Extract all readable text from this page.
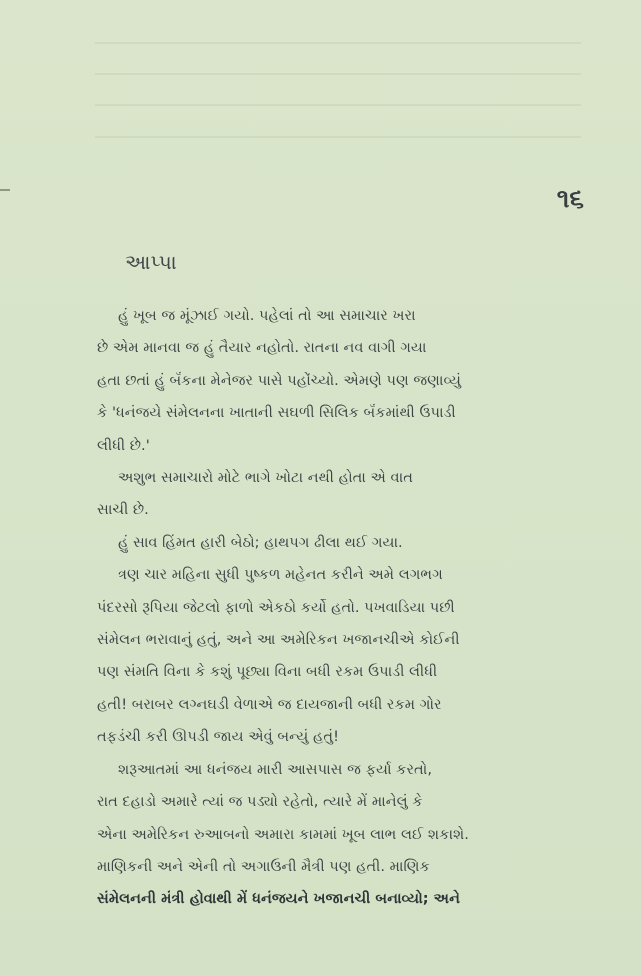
૧૬
આપ્પા

હું ખૂબ જ મૂંઝાઈ ગયો. પહેલાં તો આ સમાચાર ખરા
છે એમ માનવા જ હું તૈયાર નહોતો. રાતના નવ વાગી ગયા
હતા છતાં હું બૅંકના મેનેજર પાસે પહોંચ્યો. એમણે પણ જણાવ્યું
કે 'ધનંજયે સંમેલનના ખાતાની સઘળી સિલિક બૅંકમાંથી ઉપાડી
લીધી છે.'

અશુભ સમાચારો મોટે ભાગે ખોટા નથી હોતા એ વાત
સાચી છે.

હું સાવ હિંમત હારી બેઠો; હાથપગ ઢીલા થઈ ગયા.

ત્રણ ચાર મહિના સુધી પુષ્કળ મહેનત કરીને અમે લગભગ
પંદરસો રૂપિયા જેટલો ફાળો એકઠો કર્યો હતો. પખવાડિયા પછી
સંમેલન ભરાવાનું હતું, અને આ અમેરિકન ખજાનચીએ કોઈની
પણ સંમતિ વિના કે કશું પૂછ્યા વિના બધી રકમ ઉપાડી લીધી
હતી! બરાબર લગ્નઘડી વેળાએ જ દાયજાની બધી રકમ ગોર
તફડંચી કરી ઊપડી જાય એવું બન્યું હતું!

શરૂઆતમાં આ ધનંજય મારી આસપાસ જ ફર્યા કરતો,
રાત દહાડો અમારે ત્યાં જ પડ્યો રહેતો, ત્યારે મેં માનેલું કે
એના અમેરિકન રુઆબનો અમારા કામમાં ખૂબ લાભ લઈ શકાશે.
માણિકની અને એની તો અગાઉની મૈત્રી પણ હતી. માણિક
સંમેલનની મંત્રી હોવાથી મેં ધનંજયને ખજાનચી બનાવ્યો; અને
